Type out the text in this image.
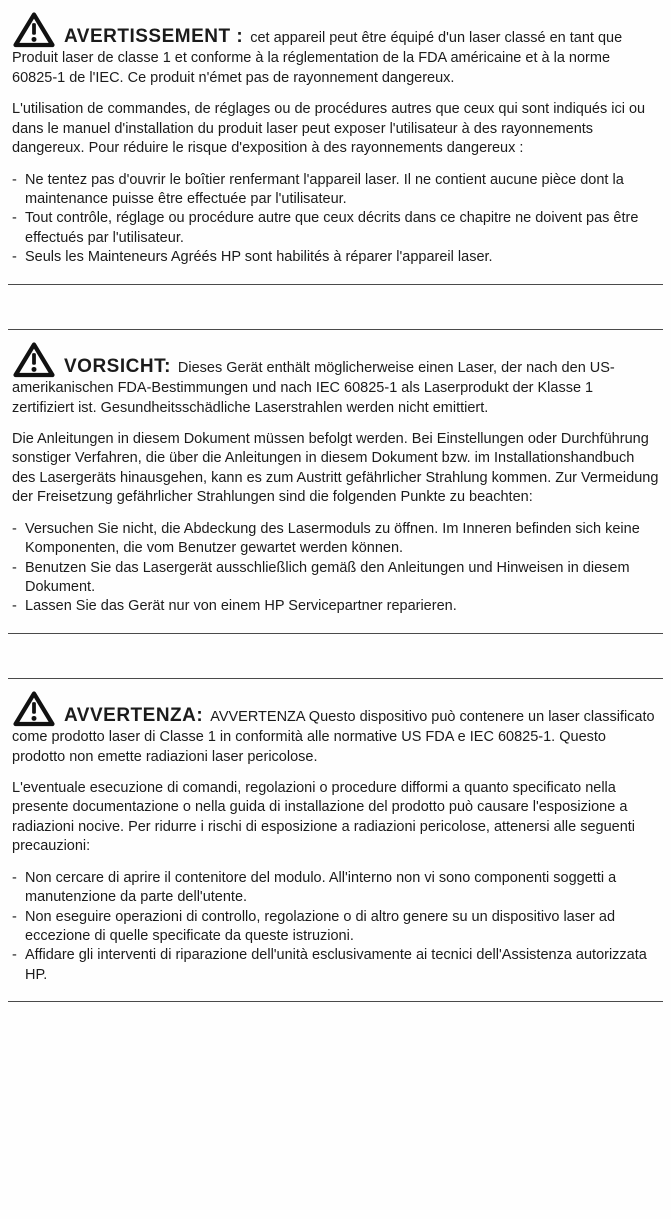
AVERTISSEMENT : cet appareil peut être équipé d'un laser classé en tant que Produit laser de classe 1 et conforme à la réglementation de la FDA américaine et à la norme 60825-1 de l'IEC. Ce produit n'émet pas de rayonnement dangereux.

L'utilisation de commandes, de réglages ou de procédures autres que ceux qui sont indiqués ici ou dans le manuel d'installation du produit laser peut exposer l'utilisateur à des rayonnements dangereux. Pour réduire le risque d'exposition à des rayonnements dangereux :

- Ne tentez pas d'ouvrir le boîtier renfermant l'appareil laser. Il ne contient aucune pièce dont la maintenance puisse être effectuée par l'utilisateur.
- Tout contrôle, réglage ou procédure autre que ceux décrits dans ce chapitre ne doivent pas être effectués par l'utilisateur.
- Seuls les Mainteneurs Agréés HP sont habilités à réparer l'appareil laser.

VORSICHT: Dieses Gerät enthält möglicherweise einen Laser, der nach den US-amerikanischen FDA-Bestimmungen und nach IEC 60825-1 als Laserprodukt der Klasse 1 zertifiziert ist. Gesundheitsschädliche Laserstrahlen werden nicht emittiert.

Die Anleitungen in diesem Dokument müssen befolgt werden. Bei Einstellungen oder Durchführung sonstiger Verfahren, die über die Anleitungen in diesem Dokument bzw. im Installationshandbuch des Lasergeräts hinausgehen, kann es zum Austritt gefährlicher Strahlung kommen. Zur Vermeidung der Freisetzung gefährlicher Strahlungen sind die folgenden Punkte zu beachten:

- Versuchen Sie nicht, die Abdeckung des Lasermoduls zu öffnen. Im Inneren befinden sich keine Komponenten, die vom Benutzer gewartet werden können.
- Benutzen Sie das Lasergerät ausschließlich gemäß den Anleitungen und Hinweisen in diesem Dokument.
- Lassen Sie das Gerät nur von einem HP Servicepartner reparieren.

AVVERTENZA: AVVERTENZA Questo dispositivo può contenere un laser classificato come prodotto laser di Classe 1 in conformità alle normative US FDA e IEC 60825-1. Questo prodotto non emette radiazioni laser pericolose.

L'eventuale esecuzione di comandi, regolazioni o procedure difformi a quanto specificato nella presente documentazione o nella guida di installazione del prodotto può causare l'esposizione a radiazioni nocive. Per ridurre i rischi di esposizione a radiazioni pericolose, attenersi alle seguenti precauzioni:

- Non cercare di aprire il contenitore del modulo. All'interno non vi sono componenti soggetti a manutenzione da parte dell'utente.
- Non eseguire operazioni di controllo, regolazione o di altro genere su un dispositivo laser ad eccezione di quelle specificate da queste istruzioni.
- Affidare gli interventi di riparazione dell'unità esclusivamente ai tecnici dell'Assistenza autorizzata HP.
